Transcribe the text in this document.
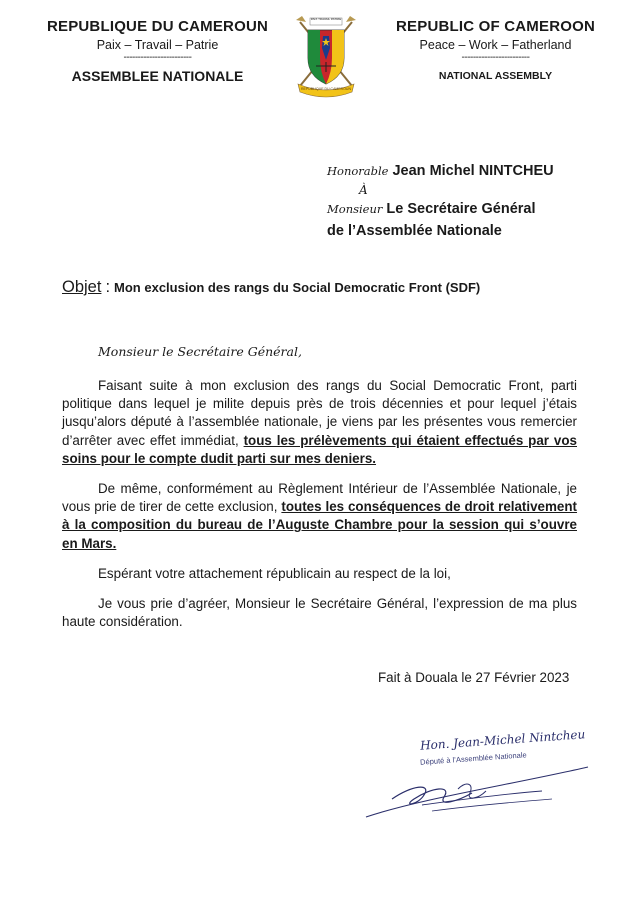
REPUBLIQUE DU CAMEROUN
Paix – Travail – Patrie
------------------------
ASSEMBLEE NATIONALE
PAIX TRAVAIL PATRIE
REPUBLIQUE DU CAMEROUN
REPUBLIC OF CAMEROON
Peace – Work – Fatherland
------------------------
NATIONAL ASSEMBLY
Honorable Jean Michel NINTCHEU
À
Monsieur Le Secrétaire Général
de l’Assemblée Nationale
Objet : Mon exclusion des rangs du Social Democratic Front (SDF)
Monsieur le Secrétaire Général,

Faisant suite à mon exclusion des rangs du Social Democratic Front, parti politique dans lequel je milite depuis près de trois décennies et pour lequel j’étais jusqu’alors député à l’assemblée nationale, je viens par les présentes vous remercier d’arrêter avec effet immédiat, tous les prélèvements qui étaient effectués par vos soins pour le compte dudit parti sur mes deniers.

De même, conformément au Règlement Intérieur de l’Assemblée Nationale, je vous prie de tirer de cette exclusion, toutes les conséquences de droit relativement à la composition du bureau de l’Auguste Chambre pour la session qui s’ouvre en Mars.

Espérant votre attachement républicain au respect de la loi,

Je vous prie d’agréer, Monsieur le Secrétaire Général, l’expression de ma plus haute considération.

Fait à Douala le 27 Février 2023
Hon. Jean-Michel Nintcheu
Député à l’Assemblée Nationale
